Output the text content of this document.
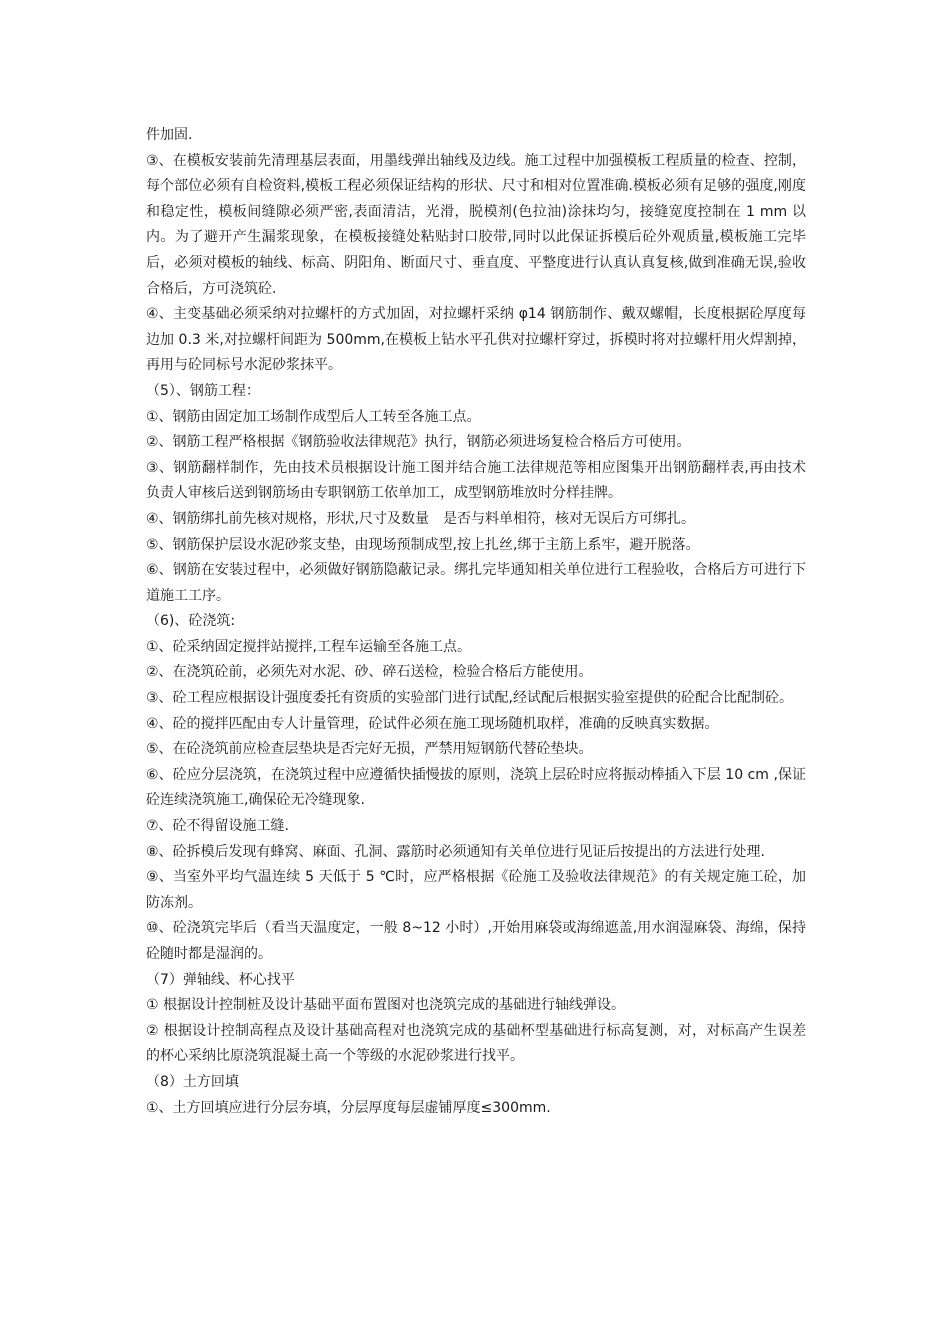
件加固.

③、在模板安装前先清理基层表面，用墨线弹出轴线及边线。施工过程中加强模板工程质量的检查、控制，每个部位必须有自检资料,模板工程必须保证结构的形状、尺寸和相对位置准确.模板必须有足够的强度,刚度和稳定性，模板间缝隙必须严密,表面清洁，光滑，脱模剂(色拉油)涂抹均匀，接缝宽度控制在 1 mm 以内。为了避开产生漏浆现象，在模板接缝处粘贴封口胶带,同时以此保证拆模后砼外观质量,模板施工完毕后，必须对模板的轴线、标高、阴阳角、断面尺寸、垂直度、平整度进行认真认真复核,做到准确无误,验收合格后，方可浇筑砼.

④、主变基础必须采纳对拉螺杆的方式加固，对拉螺杆采纳 φ14 钢筋制作、戴双螺帽，长度根据砼厚度每边加 0.3 米,对拉螺杆间距为 500mm,在模板上钻水平孔供对拉螺杆穿过，拆模时将对拉螺杆用火焊割掉，再用与砼同标号水泥砂浆抹平。

（5）、钢筋工程：

①、钢筋由固定加工场制作成型后人工转至各施工点。

②、钢筋工程严格根据《钢筋验收法律规范》执行，钢筋必须进场复检合格后方可使用。

③、钢筋翻样制作，先由技术员根据设计施工图并结合施工法律规范等相应图集开出钢筋翻样表,再由技术负责人审核后送到钢筋场由专职钢筋工依单加工，成型钢筋堆放时分样挂牌。

④、钢筋绑扎前先核对规格，形状,尺寸及数量　是否与料单相符，核对无误后方可绑扎。

⑤、钢筋保护层设水泥砂浆支垫，由现场预制成型,按上扎丝,绑于主筋上系牢，避开脱落。

⑥、钢筋在安装过程中，必须做好钢筋隐蔽记录。绑扎完毕通知相关单位进行工程验收，合格后方可进行下道施工工序。

（6)、砼浇筑:

①、砼采纳固定搅拌站搅拌,工程车运输至各施工点。

②、在浇筑砼前，必须先对水泥、砂、碎石送检，检验合格后方能使用。

③、砼工程应根据设计强度委托有资质的实验部门进行试配,经试配后根据实验室提供的砼配合比配制砼。

④、砼的搅拌匹配由专人计量管理，砼试件必须在施工现场随机取样，准确的反映真实数据。

⑤、在砼浇筑前应检查层垫块是否完好无损，严禁用短钢筋代替砼垫块。

⑥、砼应分层浇筑，在浇筑过程中应遵循快插慢拔的原则，浇筑上层砼时应将振动棒插入下层 10 cm ,保证砼连续浇筑施工,确保砼无冷缝现象.

⑦、砼不得留设施工缝.

⑧、砼拆模后发现有蜂窝、麻面、孔洞、露筋时必须通知有关单位进行见证后按提出的方法进行处理.

⑨、当室外平均气温连续 5 天低于 5 ℃时，应严格根据《砼施工及验收法律规范》的有关规定施工砼，加防冻剂。

⑩、砼浇筑完毕后（看当天温度定，一般 8~12 小时）,开始用麻袋或海绵遮盖,用水润湿麻袋、海绵，保持砼随时都是湿润的。

（7）弹轴线、杯心找平

① 根据设计控制桩及设计基础平面布置图对也浇筑完成的基础进行轴线弹设。

② 根据设计控制高程点及设计基础高程对也浇筑完成的基础杯型基础进行标高复测，对，对标高产生误差的杯心采纳比原浇筑混凝土高一个等级的水泥砂浆进行找平。

（8）土方回填

①、土方回填应进行分层夯填，分层厚度每层虚铺厚度≤300mm.
